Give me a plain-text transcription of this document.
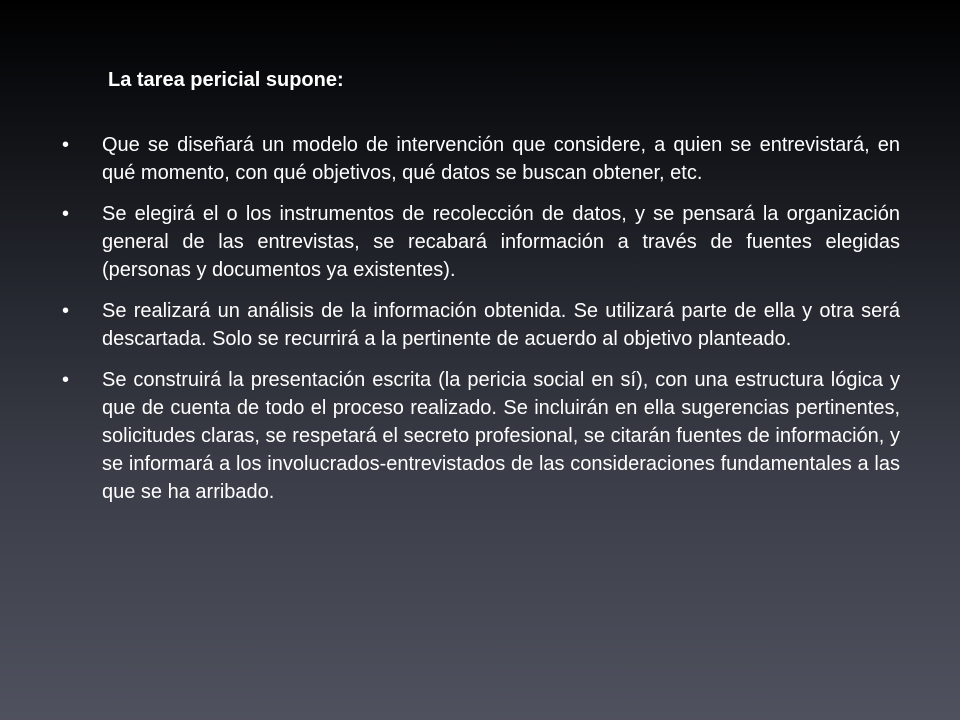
La tarea pericial supone:
•	Que se diseñará un modelo de intervención que considere, a quien se entrevistará, en qué momento, con qué objetivos, qué datos se buscan obtener, etc.
•	Se elegirá el o los instrumentos de recolección de datos, y se pensará la organización general de las entrevistas, se recabará información a través de fuentes elegidas (personas y documentos ya existentes).
•	Se realizará un análisis de la información obtenida. Se utilizará parte de ella y otra será descartada. Solo se recurrirá a la pertinente de acuerdo al objetivo planteado.
•	Se construirá la presentación escrita (la pericia social en sí), con una estructura lógica y que de cuenta de todo el proceso realizado. Se incluirán en ella sugerencias pertinentes, solicitudes claras, se respetará el secreto profesional, se citarán fuentes de información, y se informará a los involucrados-entrevistados de las consideraciones fundamentales a las que se ha arribado.
